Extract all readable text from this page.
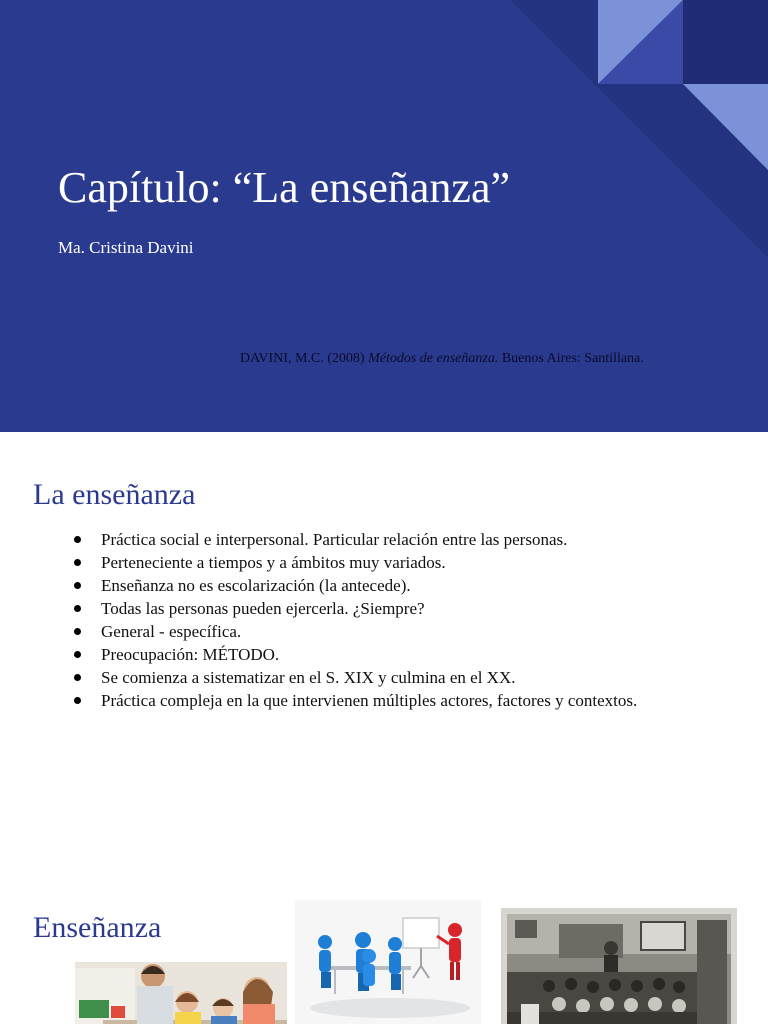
Capítulo: “La enseñanza”
Ma. Cristina Davini
DAVINI, M.C. (2008) Métodos de enseñanza. Buenos Aires: Santillana.
La enseñanza
Práctica social e interpersonal. Particular relación entre las personas.
Perteneciente a tiempos y a ámbitos muy variados.
Enseñanza no es escolarización (la antecede).
Todas las personas pueden ejercerla. ¿Siempre?
General - específica.
Preocupación: MÉTODO.
Se comienza a sistematizar en el S. XIX y culmina en el XX.
Práctica compleja en la que intervienen múltiples actores, factores y contextos.
Enseñanza
